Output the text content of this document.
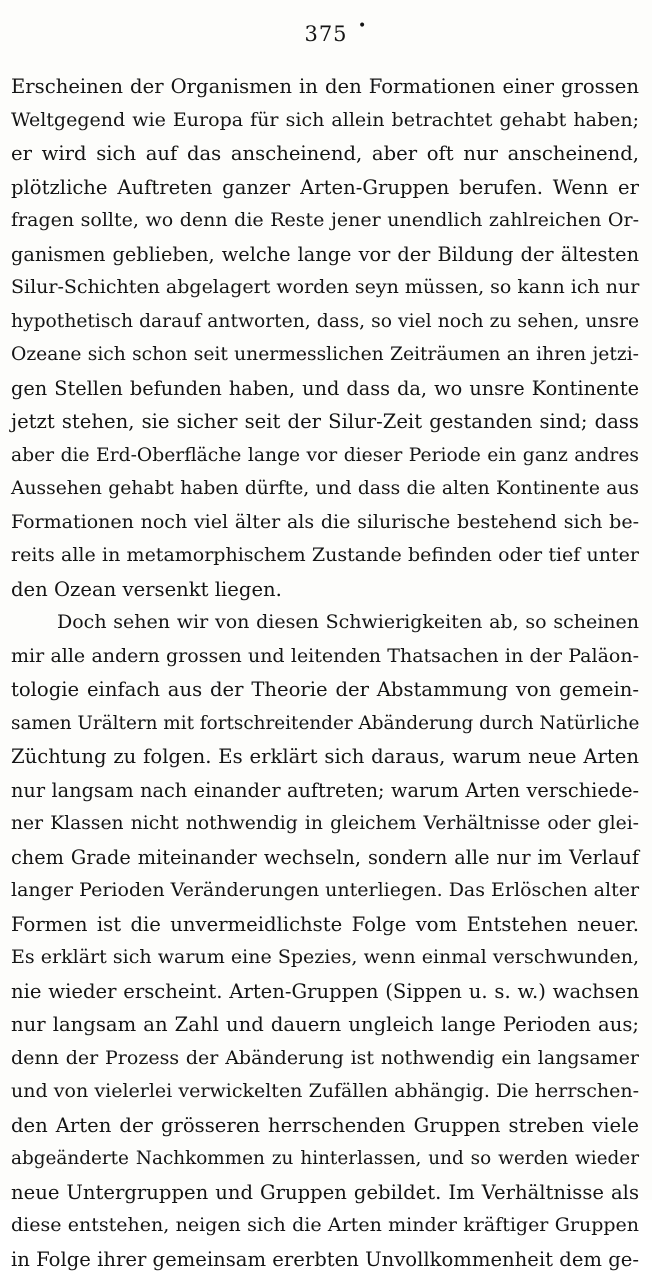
375 •
Erscheinen der Organismen in den Formationen einer grossen
Weltgegend wie Europa für sich allein betrachtet gehabt haben;
er wird sich auf das anscheinend, aber oft nur anscheinend,
plötzliche Auftreten ganzer Arten-Gruppen berufen. Wenn er
fragen sollte, wo denn die Reste jener unendlich zahlreichen Or-
ganismen geblieben, welche lange vor der Bildung der ältesten
Silur-Schichten abgelagert worden seyn müssen, so kann ich nur
hypothetisch darauf antworten, dass, so viel noch zu sehen, unsre
Ozeane sich schon seit unermesslichen Zeiträumen an ihren jetzi-
gen Stellen befunden haben, und dass da, wo unsre Kontinente
jetzt stehen, sie sicher seit der Silur-Zeit gestanden sind; dass
aber die Erd-Oberfläche lange vor dieser Periode ein ganz andres
Aussehen gehabt haben dürfte, und dass die alten Kontinente aus
Formationen noch viel älter als die silurische bestehend sich be-
reits alle in metamorphischem Zustande befinden oder tief unter
den Ozean versenkt liegen.
Doch sehen wir von diesen Schwierigkeiten ab, so scheinen
mir alle andern grossen und leitenden Thatsachen in der Paläon-
tologie einfach aus der Theorie der Abstammung von gemein-
samen Urältern mit fortschreitender Abänderung durch Natürliche
Züchtung zu folgen. Es erklärt sich daraus, warum neue Arten
nur langsam nach einander auftreten; warum Arten verschiede-
ner Klassen nicht nothwendig in gleichem Verhältnisse oder glei-
chem Grade miteinander wechseln, sondern alle nur im Verlauf
langer Perioden Veränderungen unterliegen. Das Erlöschen alter
Formen ist die unvermeidlichste Folge vom Entstehen neuer.
Es erklärt sich warum eine Spezies, wenn einmal verschwunden,
nie wieder erscheint. Arten-Gruppen (Sippen u. s. w.) wachsen
nur langsam an Zahl und dauern ungleich lange Perioden aus;
denn der Prozess der Abänderung ist nothwendig ein langsamer
und von vielerlei verwickelten Zufällen abhängig. Die herrschen-
den Arten der grösseren herrschenden Gruppen streben viele
abgeänderte Nachkommen zu hinterlassen, und so werden wieder
neue Untergruppen und Gruppen gebildet. Im Verhältnisse als
diese entstehen, neigen sich die Arten minder kräftiger Gruppen
in Folge ihrer gemeinsam ererbten Unvollkommenheit dem ge-
